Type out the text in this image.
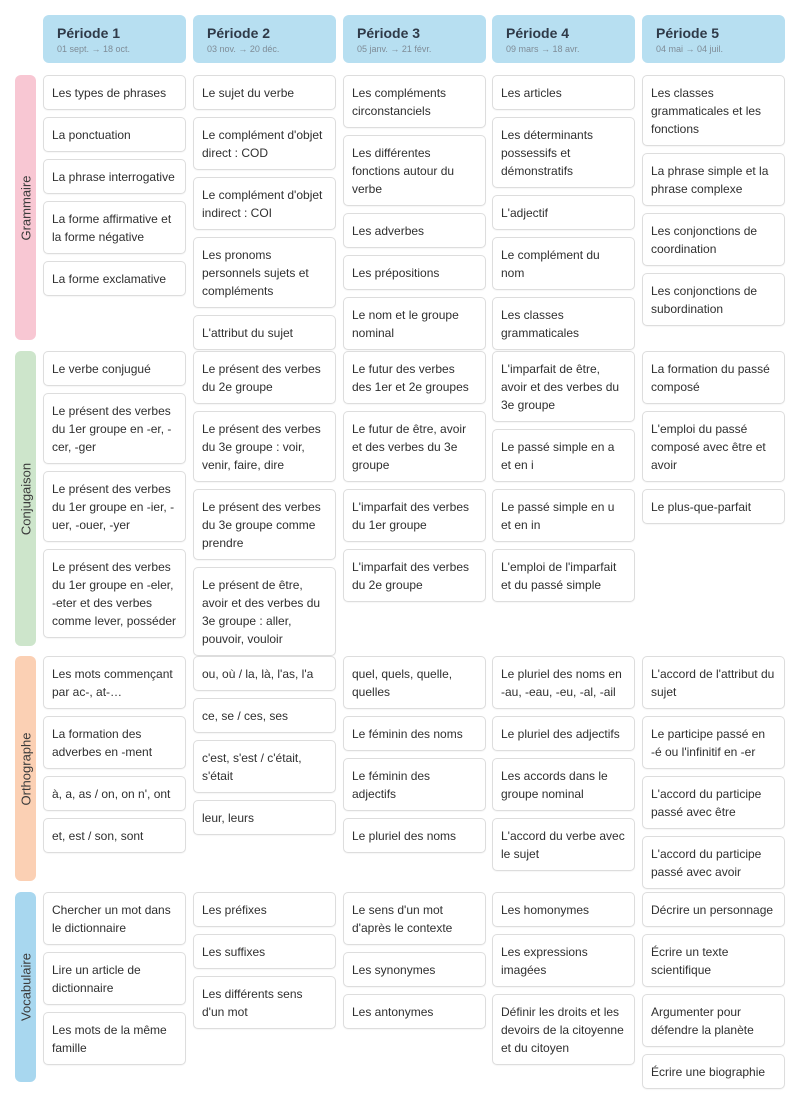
Période 1
01 sept. → 18 oct.
Période 2
03 nov. → 20 déc.
Période 3
05 janv. → 21 févr.
Période 4
09 mars → 18 avr.
Période 5
04 mai → 04 juil.
Grammaire
Les types de phrases
La ponctuation
La phrase interrogative
La forme affirmative et la forme négative
La forme exclamative
Le sujet du verbe
Le complément d'objet direct : COD
Le complément d'objet indirect : COI
Les pronoms personnels sujets et compléments
L'attribut du sujet
Les compléments circonstanciels
Les différentes fonctions autour du verbe
Les adverbes
Les prépositions
Le nom et le groupe nominal
Les articles
Les déterminants possessifs et démonstratifs
L'adjectif
Le complément du nom
Les classes grammaticales
Les classes grammaticales et les fonctions
La phrase simple et la phrase complexe
Les conjonctions de coordination
Les conjonctions de subordination
Conjugaison
Le verbe conjugué
Le présent des verbes du 1er groupe en -er, -cer, -ger
Le présent des verbes du 1er groupe en -ier, -uer, -ouer, -yer
Le présent des verbes du 1er groupe en -eler, -eter et des verbes comme lever, posséder
Le présent des verbes du 2e groupe
Le présent des verbes du 3e groupe : voir, venir, faire, dire
Le présent des verbes du 3e groupe comme prendre
Le présent de être, avoir et des verbes du 3e groupe : aller, pouvoir, vouloir
Le futur des verbes des 1er et 2e groupes
Le futur de être, avoir et des verbes du 3e groupe
L'imparfait des verbes du 1er groupe
L'imparfait des verbes du 2e groupe
L'imparfait de être, avoir et des verbes du 3e groupe
Le passé simple en a et en i
Le passé simple en u et en in
L'emploi de l'imparfait et du passé simple
La formation du passé composé
L'emploi du passé composé avec être et avoir
Le plus-que-parfait
Orthographe
Les mots commençant par ac-, at-…
La formation des adverbes en -ment
à, a, as / on, on n', ont
et, est / son, sont
ou, où / la, là, l'as, l'a
ce, se / ces, ses
c'est, s'est / c'était, s'était
leur, leurs
quel, quels, quelle, quelles
Le féminin des noms
Le féminin des adjectifs
Le pluriel des noms
Le pluriel des noms en -au, -eau, -eu, -al, -ail
Le pluriel des adjectifs
Les accords dans le groupe nominal
L'accord du verbe avec le sujet
L'accord de l'attribut du sujet
Le participe passé en -é ou l'infinitif en -er
L'accord du participe passé avec être
L'accord du participe passé avec avoir
Vocabulaire
Chercher un mot dans le dictionnaire
Lire un article de dictionnaire
Les mots de la même famille
Les préfixes
Les suffixes
Les différents sens d'un mot
Le sens d'un mot d'après le contexte
Les synonymes
Les antonymes
Les homonymes
Les expressions imagées
Définir les droits et les devoirs de la citoyenne et du citoyen
Décrire un personnage
Écrire un texte scientifique
Argumenter pour défendre la planète
Écrire une biographie
